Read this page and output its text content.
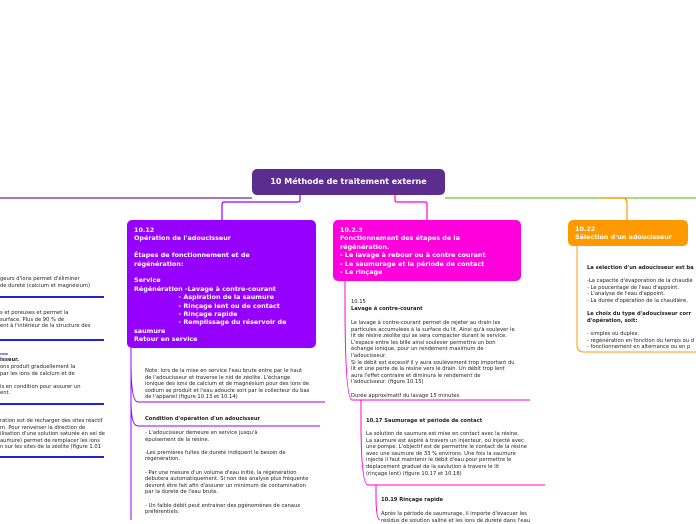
10 Méthode de traitement externe
10.12
Opération de l'adoucisseur

Étapes de fonctionnement et de
régénération:

Service
Régénération -Lavage à contre-courant
- Aspiration de la saumure
- Rinçage lent ou de contact
- Rinçage rapide
- Remplissage du réservoir de
saumure
Retour en service
10.2.3
Fonctionnement des étapes de la
régénération.
- Le lavage à rebour ou à contre courant
- Le saumurage et la période de contact
- Le rinçage
10.22
Sélection d'un adoucisseur
geurs d'ions permet d'éliminer
de dureté (calcium et magnésium)
s et poreuses et permet la
surface. Plus de 90 % de
ent à l'intérieur de la structure des
isseur.
ons produit graduellement la
par les ions de calcium et de

is en condition pour assurer un
ent.
ration est de recharger des sites réactif
m. Pour renverser la direction de
ilisation d'une solution saturée en sel de
aumure) permet de remplacer les ions
n sur les sites de la zéolite (figure 1.01
Note: lors de la mise en service l'eau brute entre par le haut
de l'adoucisseur et traverse le nid de zéolite. L'échange
ionique des ions de calcium et de magnésium pour des ions de
sodium se produit et l'eau adoucie sort par le collecteur du bas
de l'appareil (figure 10.13 et 10.14)
Condition d'opération d'un adoucisseur
- L'adoucisseur demeure en service jusqu'à
épuisement de la résine.

-Les premières fuites de dureté indiquent le besoin de
régénération.

- Par une mesure d'un volume d'eau initié, la régénération
débutera automatiquement. Si non des analyse plus fréquente
devront être fait afin d'assurer un minimum de contamination
par la dureté de l'eau brute.

- Un faible débit peut entrainer des pgénomènes de canaux
préférentiels.
10.15
Lavage à contre-courant
Le lavage à contre-courant permet de rejeter au drain les
particules accumulées à la surface du lit. Ainsi qu'à soulever le
lit de résine zéolite qui se sera compacter durant le service.
L'espace entre les bille ainsi soulever permettra un bon
échange ionique, pour un rendement maximum de
l'adoucisseur.
Si le débit est excessif il y aura soulèvement trop important du
lit et une perte de la résine vers le drain. Un débit trop lent
aura l'effet contraire et diminura le rendement de
l'adoucisseur. (figure 10.15)

Durée approximatif du lavage 15 minutes
10.17 Saumurage et période de contact
La solution de saumure est mise en contact avec la résine.
La saumure est aspiré à travers un injecteur, ou injecté avec
une pompe. L'objectif est de permettre le contact de la résine
avec une saumure de 33 % environs. Une fois la saumure
injecté il faut maintenir le débit d'eau pour permettre le
déplacement graduel de la saulution à travers le lit
(rinçage lent) (figure 10.17 et 10.18)
10.19 Rinçage rapide
Après la période de saumurage, il importe d'évacuer les
résidus de solution saline et les ions de dureté dans l'eau
La sélection d'un adoucisseur est ba
-La capacité d'évaporation de la chaudiè
- Le poucentage de l'eau d'appoint.
- L'analyse de l'eau d'appoint.
- La durée d'opération de la chaudière.
Le choix du type d'adoucisseur corr
d'opération, soit:
- simples ou duplex.
- régénération en fonction du temps ou d
- fonctionnement en alternance ou en p
